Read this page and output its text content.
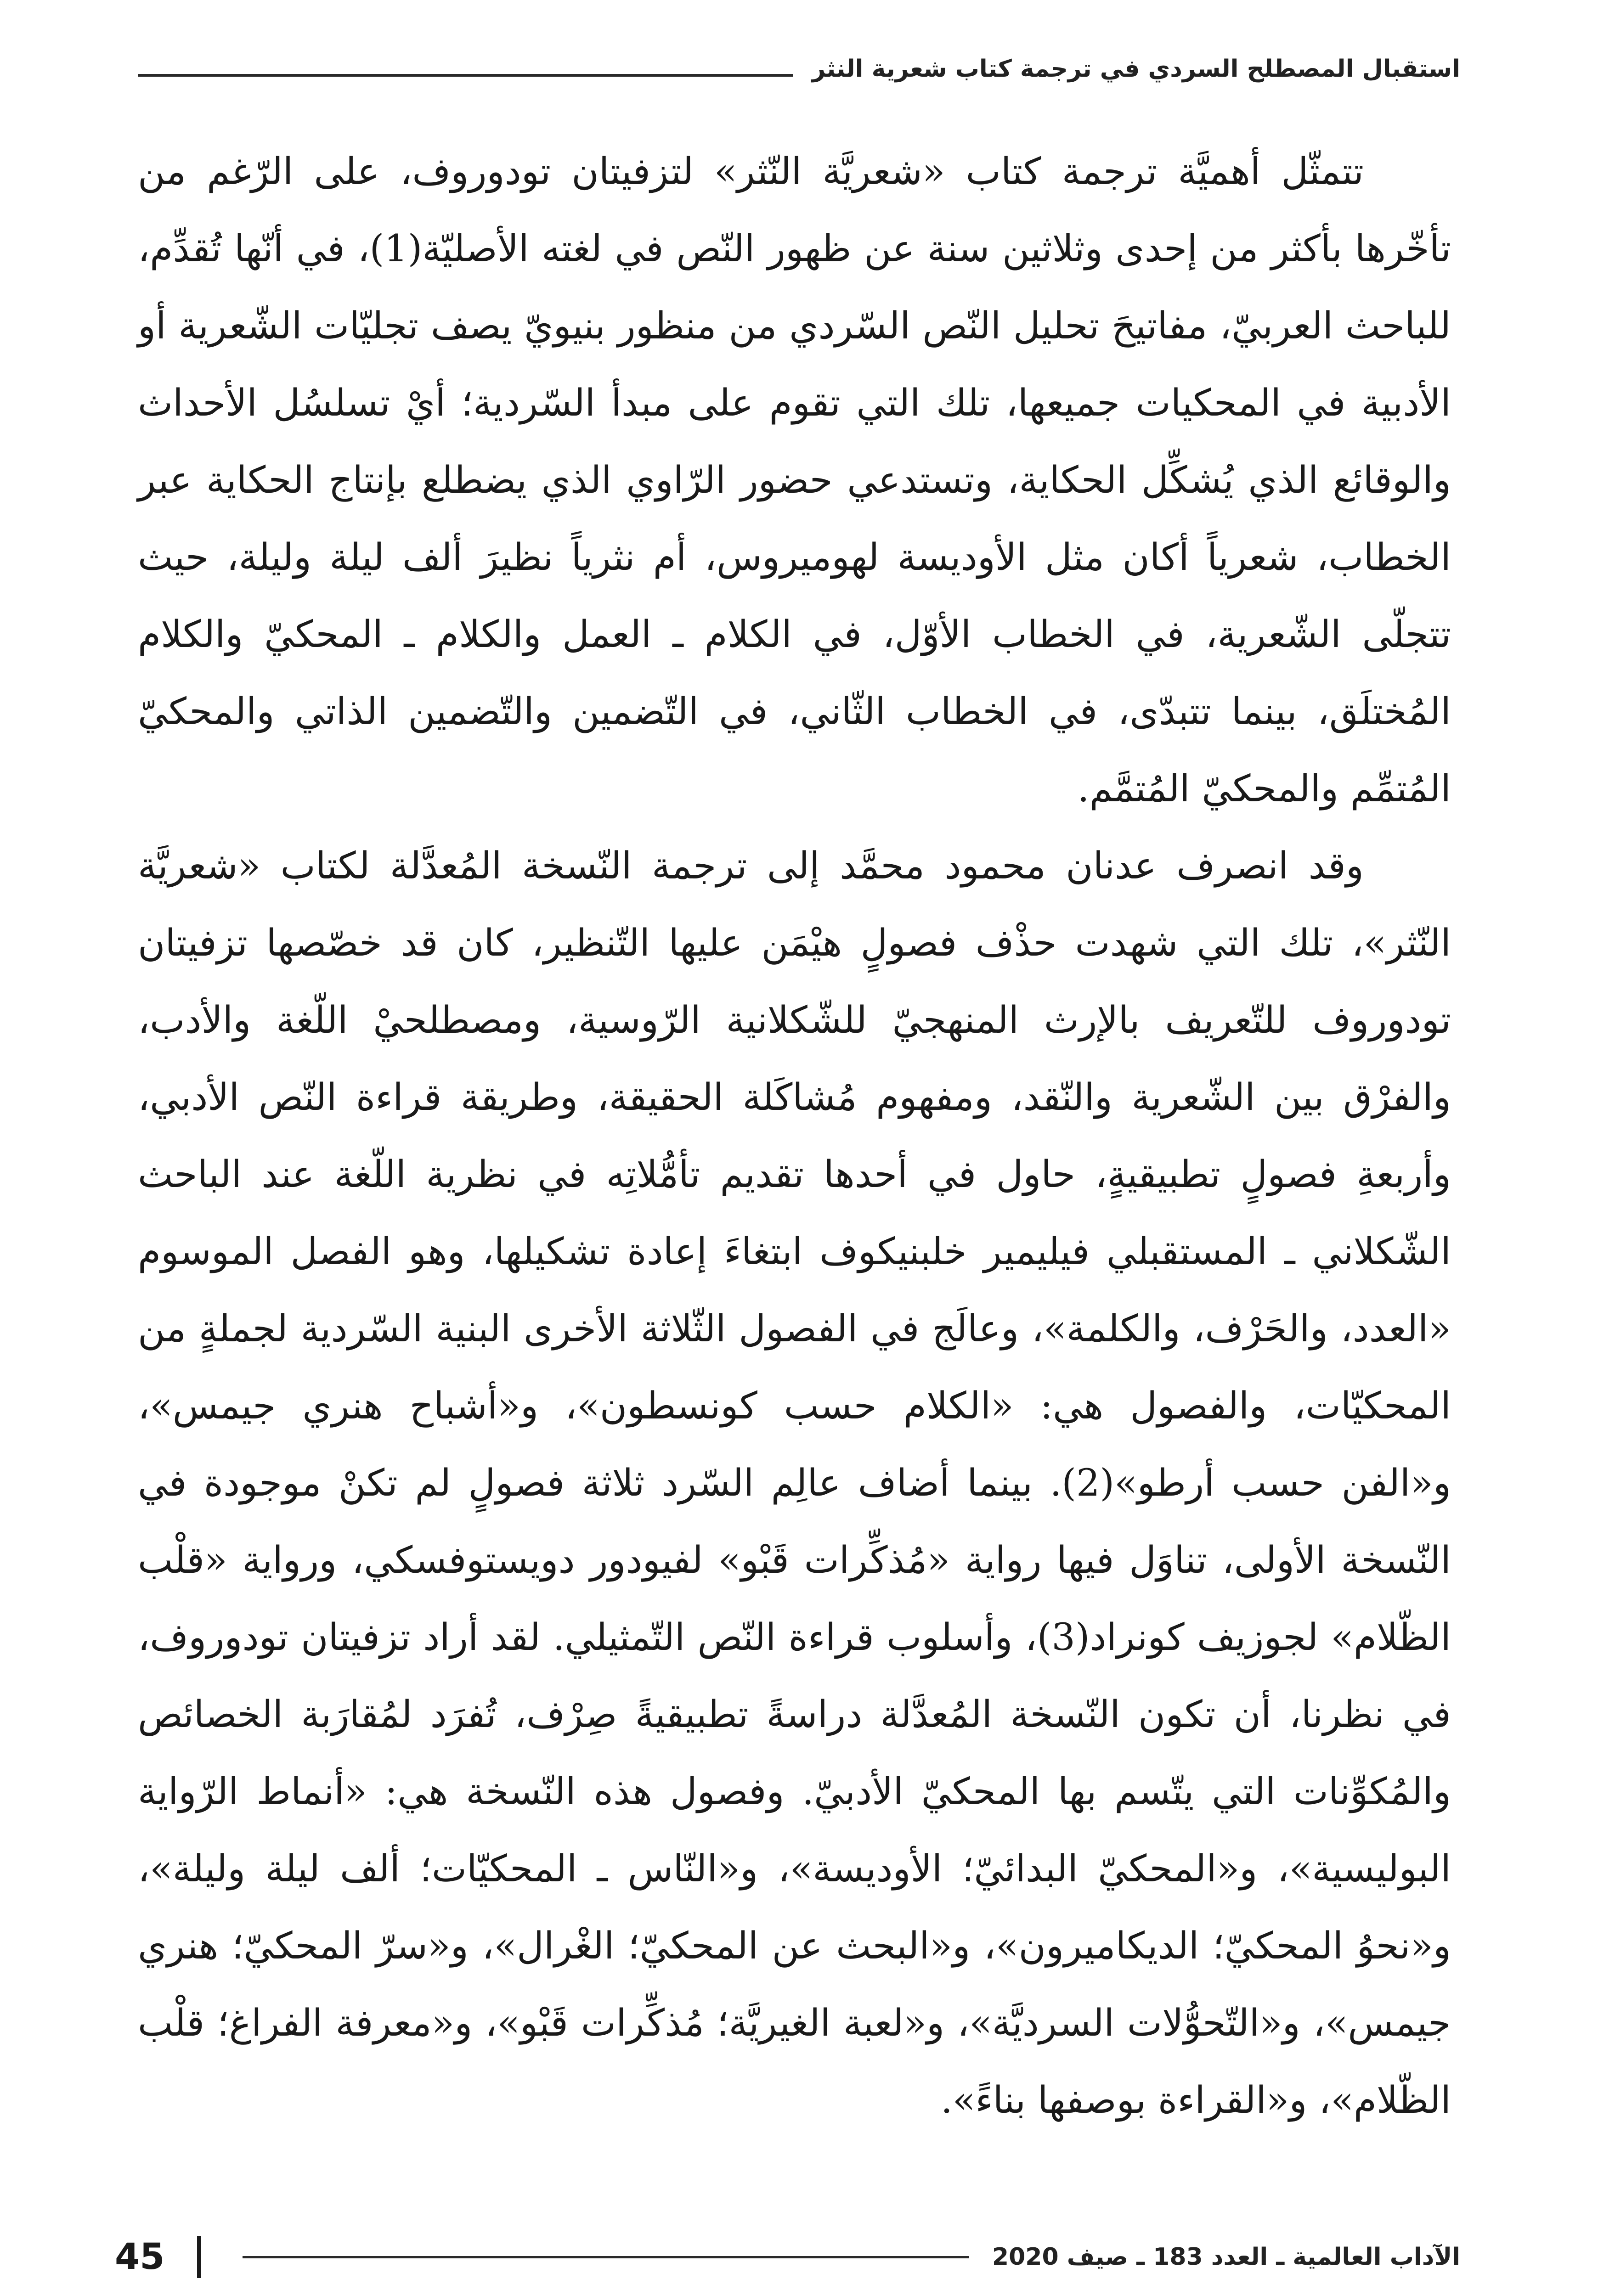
استقبال المصطلح السردي في ترجمة كتاب شعرية النثر

تتمثّل أهميَّة ترجمة كتاب «شعريَّة النّثر» لتزفيتان تودوروف، على الرّغم من تأخّرها بأكثر من إحدى وثلاثين سنة عن ظهور النّص في لغته الأصليّة(1)، في أنّها تُقدِّم، للباحث العربيّ، مفاتيحَ تحليل النّص السّردي من منظور بنيويّ يصف تجليّات الشّعرية أو الأدبية في المحكيات جميعها، تلك التي تقوم على مبدأ السّردية؛ أيْ تسلسُل الأحداث والوقائع الذي يُشكِّل الحكاية، وتستدعي حضور الرّاوي الذي يضطلع بإنتاج الحكاية عبر الخطاب، شعرياً أكان مثل الأوديسة لهوميروس، أم نثرياً نظيرَ ألف ليلة وليلة، حيث تتجلّى الشّعرية، في الخطاب الأوّل، في الكلام ـ العمل والكلام ـ المحكيّ والكلام المُختلَق، بينما تتبدّى، في الخطاب الثّاني، في التّضمين والتّضمين الذاتي والمحكيّ المُتمِّم والمحكيّ المُتمَّم.

وقد انصرف عدنان محمود محمَّد إلى ترجمة النّسخة المُعدَّلة لكتاب «شعريَّة النّثر»، تلك التي شهدت حذْف فصولٍ هيْمَن عليها التّنظير، كان قد خصّصها تزفيتان تودوروف للتّعريف بالإرث المنهجيّ للشّكلانية الرّوسية، ومصطلحيْ اللّغة والأدب، والفرْق بين الشّعرية والنّقد، ومفهوم مُشاكَلة الحقيقة، وطريقة قراءة النّص الأدبي، وأربعةِ فصولٍ تطبيقيةٍ، حاول في أحدها تقديم تأمُّلاتِه في نظرية اللّغة عند الباحث الشّكلاني ـ المستقبلي فيليمير خلبنيكوف ابتغاءَ إعادة تشكيلها، وهو الفصل الموسوم «العدد، والحَرْف، والكلمة»، وعالَج في الفصول الثّلاثة الأخرى البنية السّردية لجملةٍ من المحكيّات، والفصول هي: «الكلام حسب كونسطون»، و«أشباح هنري جيمس»، و«الفن حسب أرطو»(2). بينما أضاف عالِم السّرد ثلاثة فصولٍ لم تكنْ موجودة في النّسخة الأولى، تناوَل فيها رواية «مُذكِّرات قَبْو» لفيودور دويستوفسكي، ورواية «قلْب الظّلام» لجوزيف كونراد(3)، وأسلوب قراءة النّص التّمثيلي. لقد أراد تزفيتان تودوروف، في نظرنا، أن تكون النّسخة المُعدَّلة دراسةً تطبيقيةً صِرْف، تُفرَد لمُقارَبة الخصائص والمُكوِّنات التي يتّسم بها المحكيّ الأدبيّ. وفصول هذه النّسخة هي: «أنماط الرّواية البوليسية»، و«المحكيّ البدائيّ؛ الأوديسة»، و«النّاس ـ المحكيّات؛ ألف ليلة وليلة»، و«نحوُ المحكيّ؛ الديكاميرون»، و«البحث عن المحكيّ؛ الغْرال»، و«سرّ المحكيّ؛ هنري جيمس»، و«التّحوُّلات السرديَّة»، و«لعبة الغيريَّة؛ مُذكِّرات قَبْو»، و«معرفة الفراغ؛ قلْب الظّلام»، و«القراءة بوصفها بناءً».

45	الآداب العالمية ـ العدد 183 ـ صيف 2020
